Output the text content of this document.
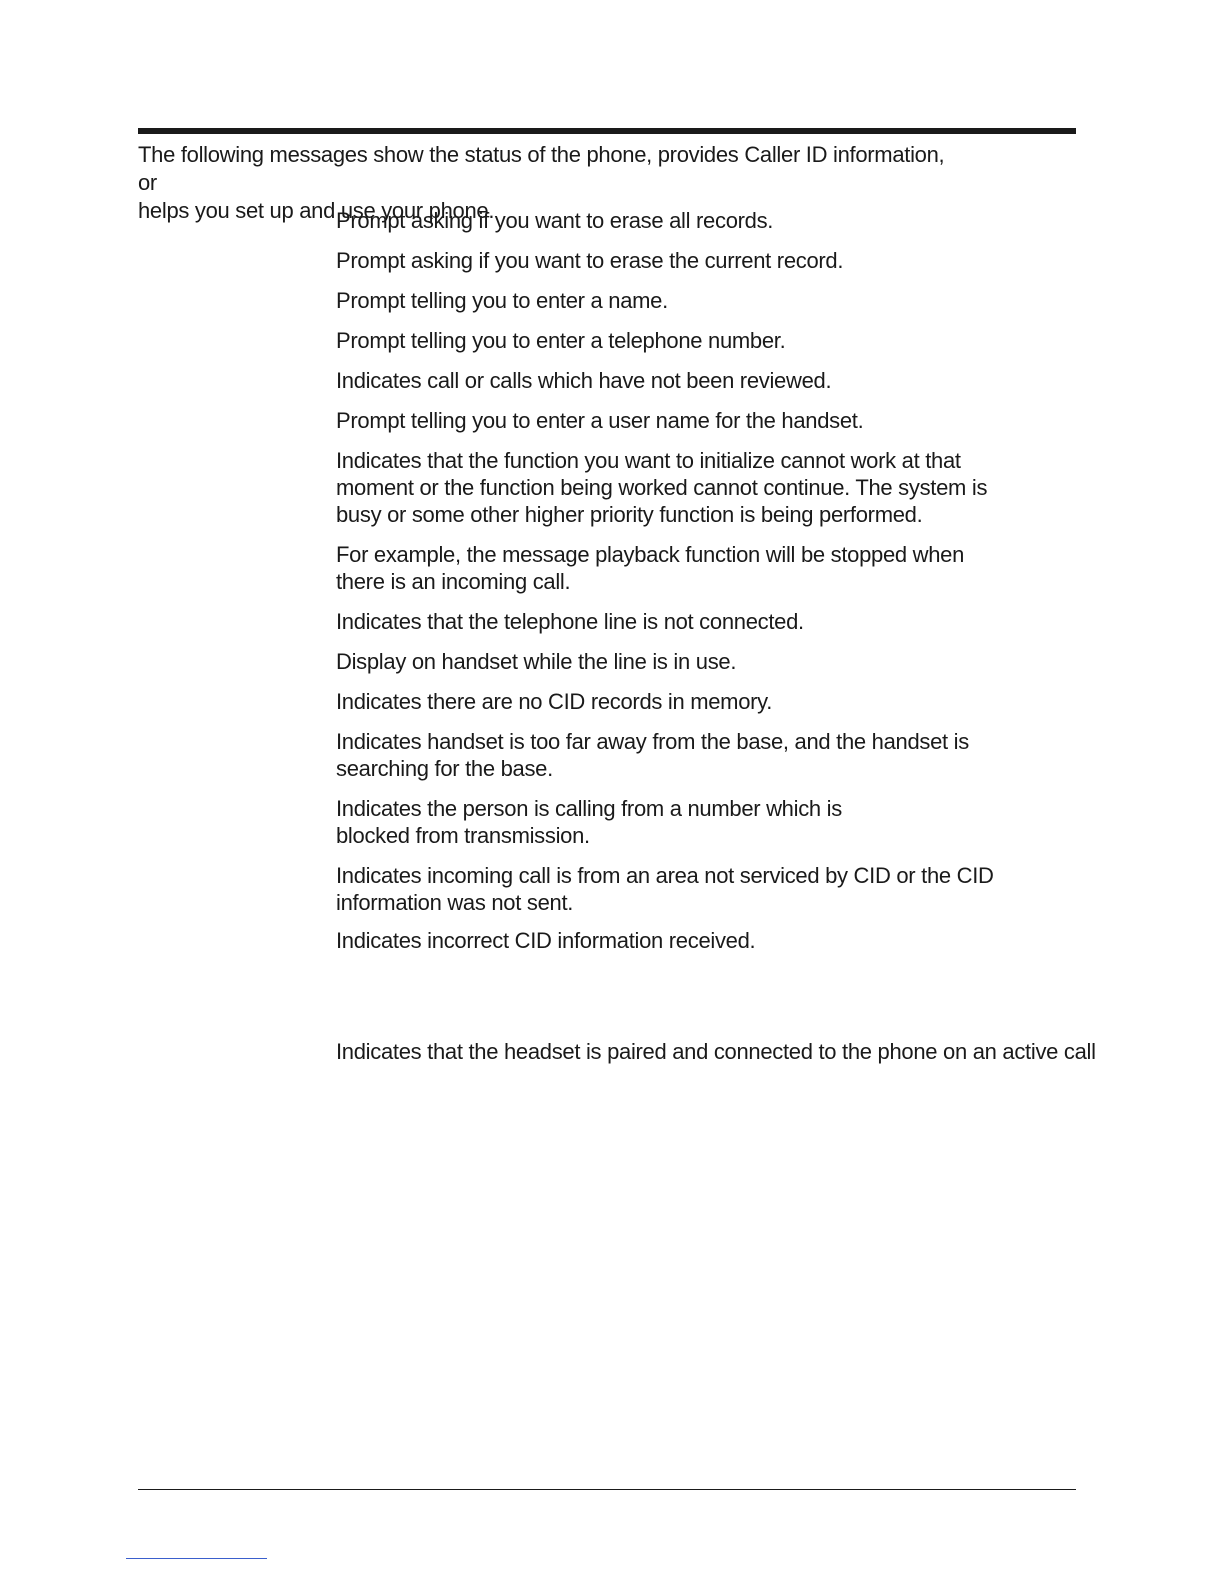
The following messages show the status of the phone, provides Caller ID information, or
helps you set up and use your phone.

Prompt asking if you want to erase all records.

Prompt asking if you want to erase the current record.

Prompt telling you to enter a name.

Prompt telling you to enter a telephone number.

Indicates call or calls which have not been reviewed.

Prompt telling you to enter a user name for the handset.

Indicates that the function you want to initialize cannot work at that
moment or the function being worked cannot continue. The system is
busy or some other higher priority function is being performed.

For example, the message playback function will be stopped when
there is an incoming call.

Indicates that the telephone line is not connected.

Display on handset while the line is in use.

Indicates there are no CID records in memory.

Indicates handset is too far away from the base, and the handset is
searching for the base.

Indicates the person is calling from a number which is
blocked from transmission.

Indicates incoming call is from an area not serviced by CID or the CID
information was not sent.

Indicates incorrect CID information received.

Indicates that the headset is paired and connected to the phone on an active call
